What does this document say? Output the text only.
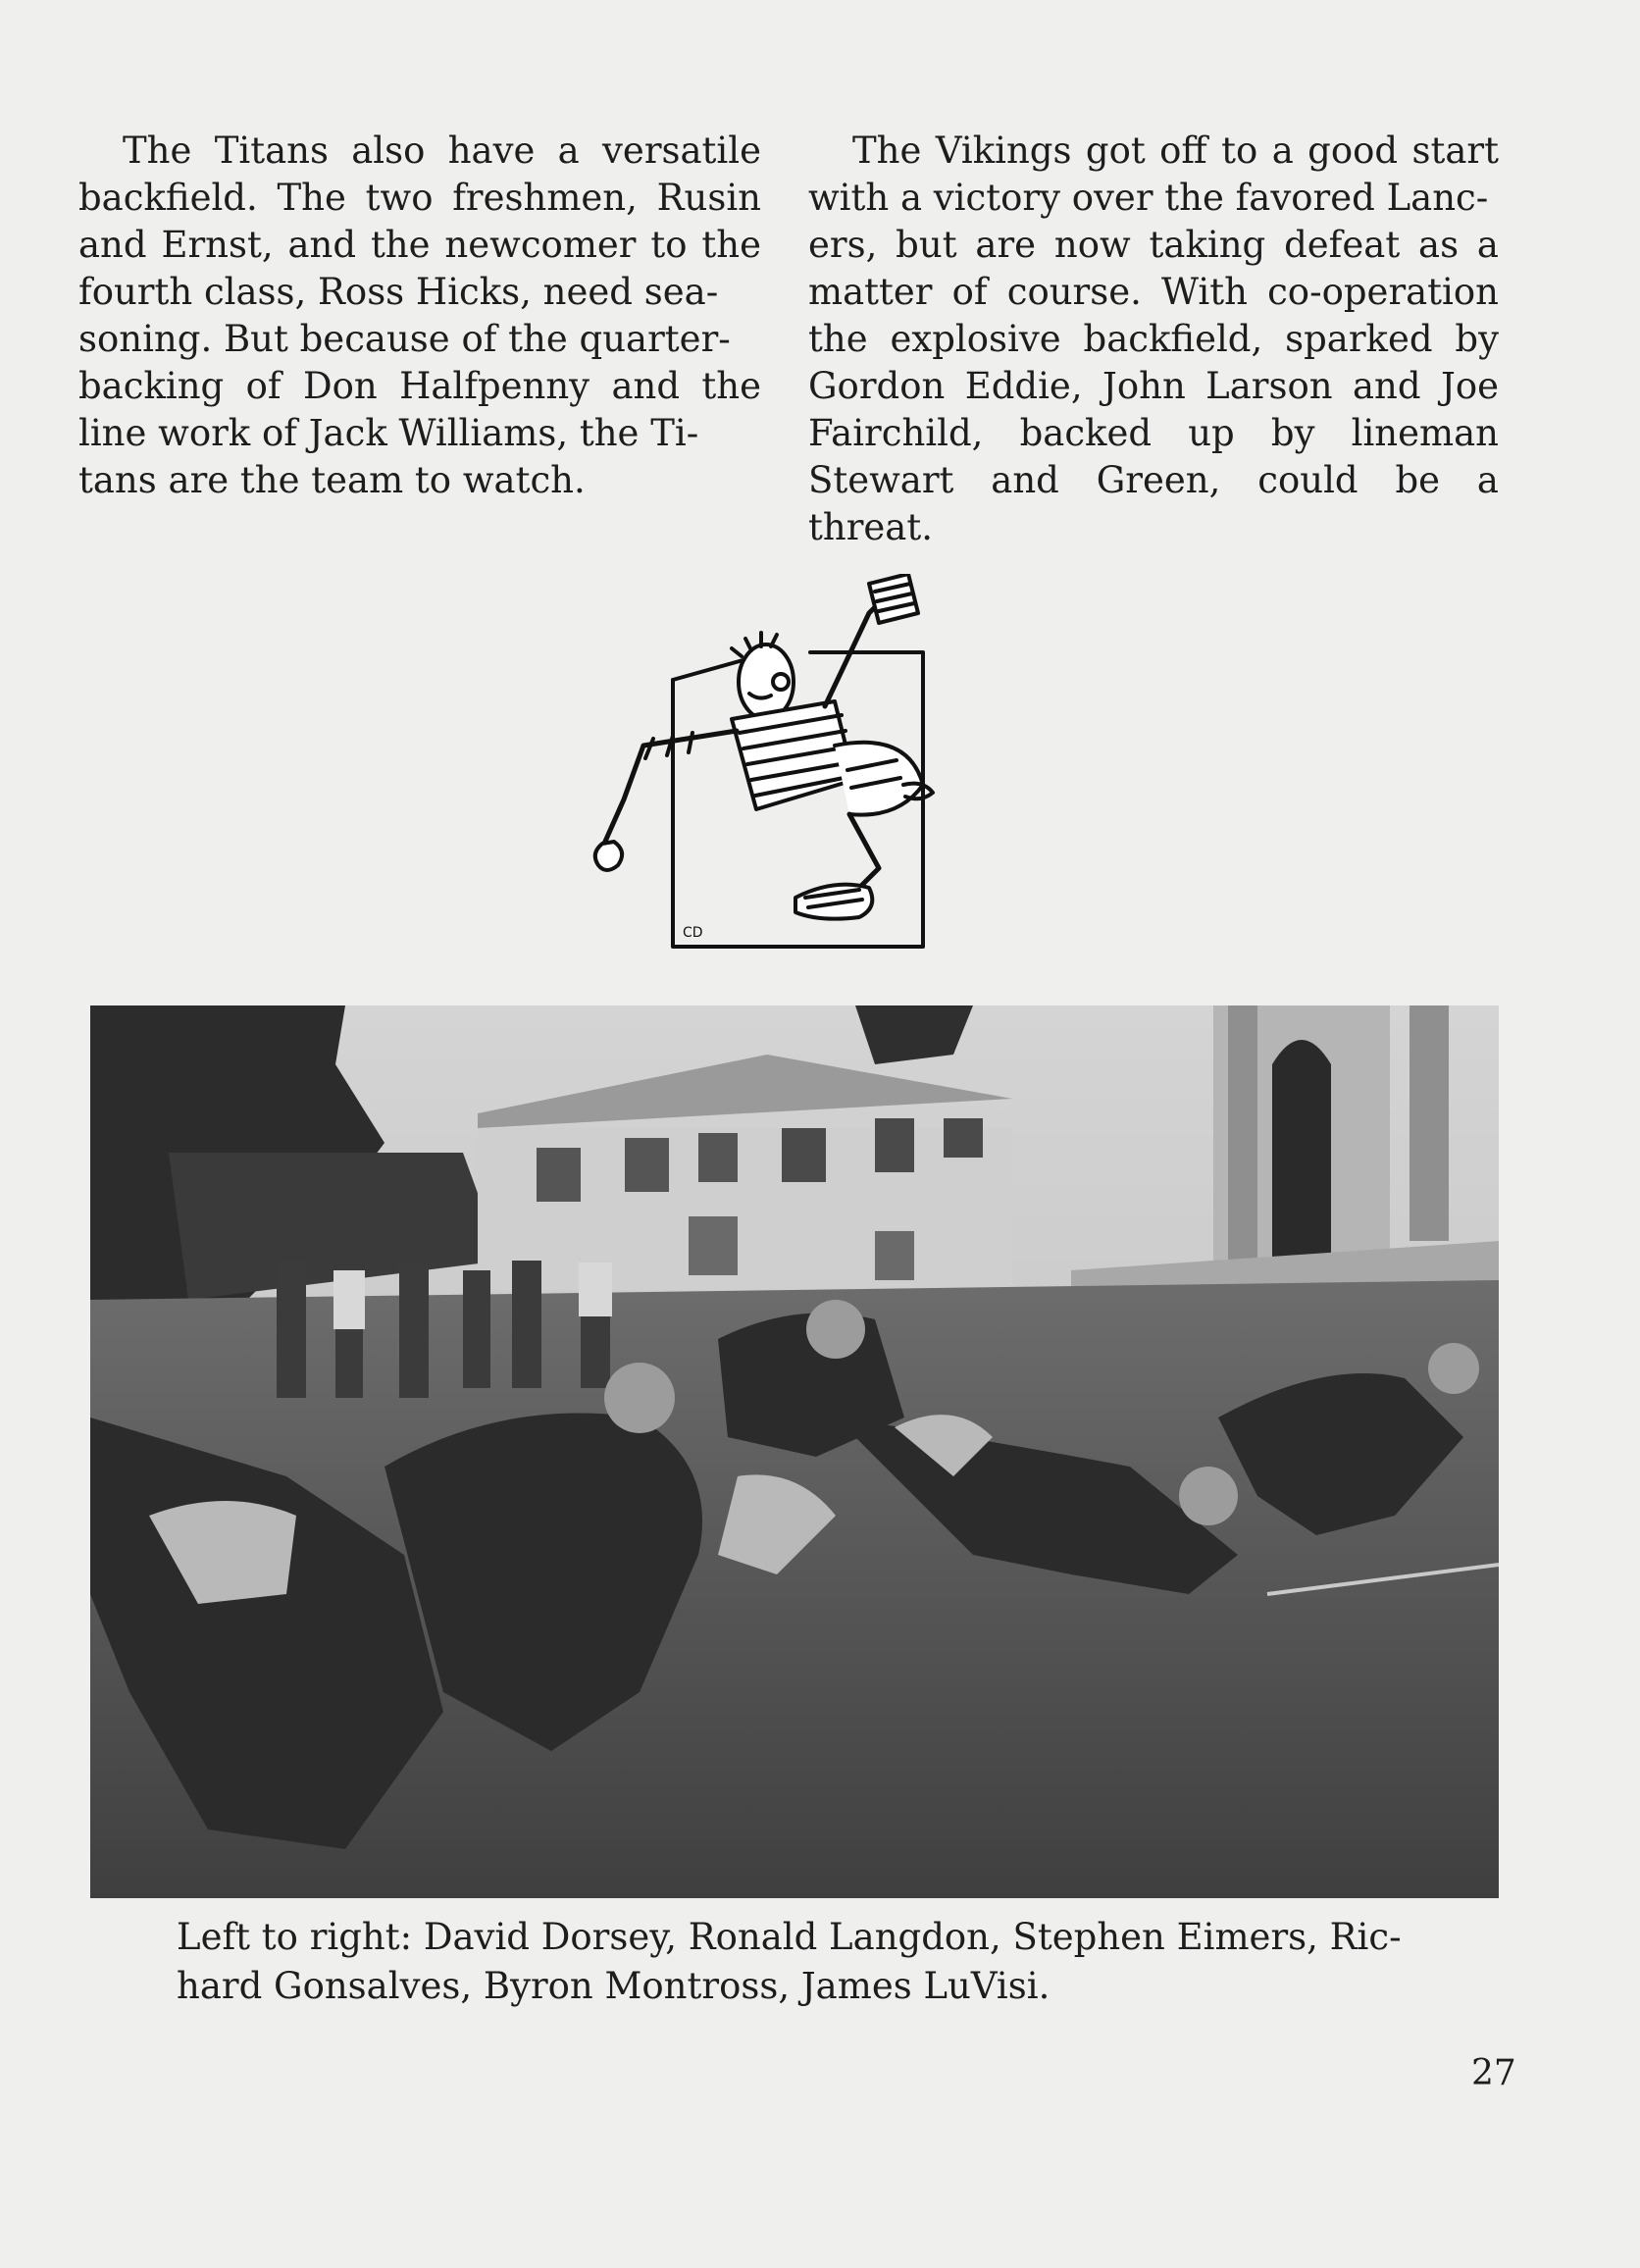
The Titans also have a versatile backfield. The two freshmen, Rusin and Ernst, and the newcomer to the fourth class, Ross Hicks, need sea-
soning. But because of the quarter-
backing of Don Halfpenny and the line work of Jack Williams, the Ti-
tans are the team to watch.

The Vikings got off to a good start with a victory over the favored Lanc-
ers, but are now taking defeat as a matter of course. With co-operation the explosive backfield, sparked by Gordon Eddie, John Larson and Joe Fairchild, backed up by lineman Stewart and Green, could be a threat.

CD
Left to right: David Dorsey, Ronald Langdon, Stephen Eimers, Ric-
hard Gonsalves, Byron Montross, James LuVisi.
27
